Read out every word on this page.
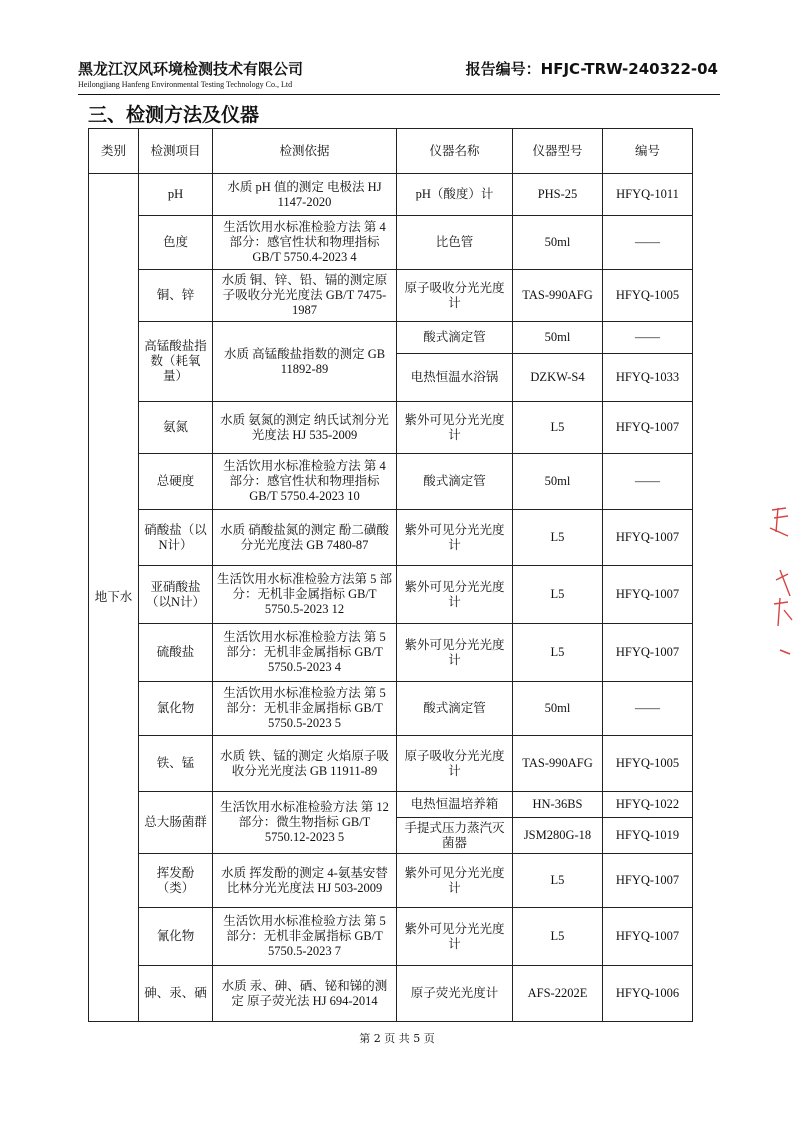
黑龙江汉风环境检测技术有限公司
Heilongjiang Hanfeng Environmental Testing Technology Co., Ltd
报告编号：HFJC-TRW-240322-04
三、检测方法及仪器
类别	检测项目	检测依据	仪器名称	仪器型号	编号
地下水	pH	水质 pH 值的测定 电极法 HJ 1147-2020	pH（酸度）计	PHS-25	HFYQ-1011
	色度	生活饮用水标准检验方法 第 4 部分：感官性状和物理指标 GB/T 5750.4-2023 4	比色管	50ml	——
	铜、锌	水质 铜、锌、铅、镉的测定原子吸收分光光度法 GB/T 7475-1987	原子吸收分光光度计	TAS-990AFG	HFYQ-1005
	高锰酸盐指数（耗氧量）	水质 高锰酸盐指数的测定 GB 11892-89	酸式滴定管	50ml	——
			电热恒温水浴锅	DZKW-S4	HFYQ-1033
	氨氮	水质 氨氮的测定 纳氏试剂分光光度法 HJ 535-2009	紫外可见分光光度计	L5	HFYQ-1007
	总硬度	生活饮用水标准检验方法 第 4 部分：感官性状和物理指标 GB/T 5750.4-2023 10	酸式滴定管	50ml	——
	硝酸盐（以N计）	水质 硝酸盐氮的测定 酚二磺酸分光光度法 GB 7480-87	紫外可见分光光度计	L5	HFYQ-1007
	亚硝酸盐（以N计）	生活饮用水标准检验方法第 5 部分：无机非金属指标 GB/T 5750.5-2023 12	紫外可见分光光度计	L5	HFYQ-1007
	硫酸盐	生活饮用水标准检验方法 第 5 部分：无机非金属指标 GB/T 5750.5-2023 4	紫外可见分光光度计	L5	HFYQ-1007
	氯化物	生活饮用水标准检验方法 第 5 部分：无机非金属指标 GB/T 5750.5-2023 5	酸式滴定管	50ml	——
	铁、锰	水质 铁、锰的测定 火焰原子吸收分光光度法 GB 11911-89	原子吸收分光光度计	TAS-990AFG	HFYQ-1005
	总大肠菌群	生活饮用水标准检验方法 第 12 部分：微生物指标 GB/T 5750.12-2023 5	电热恒温培养箱	HN-36BS	HFYQ-1022
			手提式压力蒸汽灭菌器	JSM280G-18	HFYQ-1019
	挥发酚（类）	水质 挥发酚的测定 4-氨基安替比林分光光度法 HJ 503-2009	紫外可见分光光度计	L5	HFYQ-1007
	氰化物	生活饮用水标准检验方法 第 5 部分：无机非金属指标 GB/T 5750.5-2023 7	紫外可见分光光度计	L5	HFYQ-1007
	砷、汞、硒	水质 汞、砷、硒、铋和锑的测定 原子荧光法 HJ 694-2014	原子荧光光度计	AFS-2202E	HFYQ-1006
第 2 页 共 5 页
